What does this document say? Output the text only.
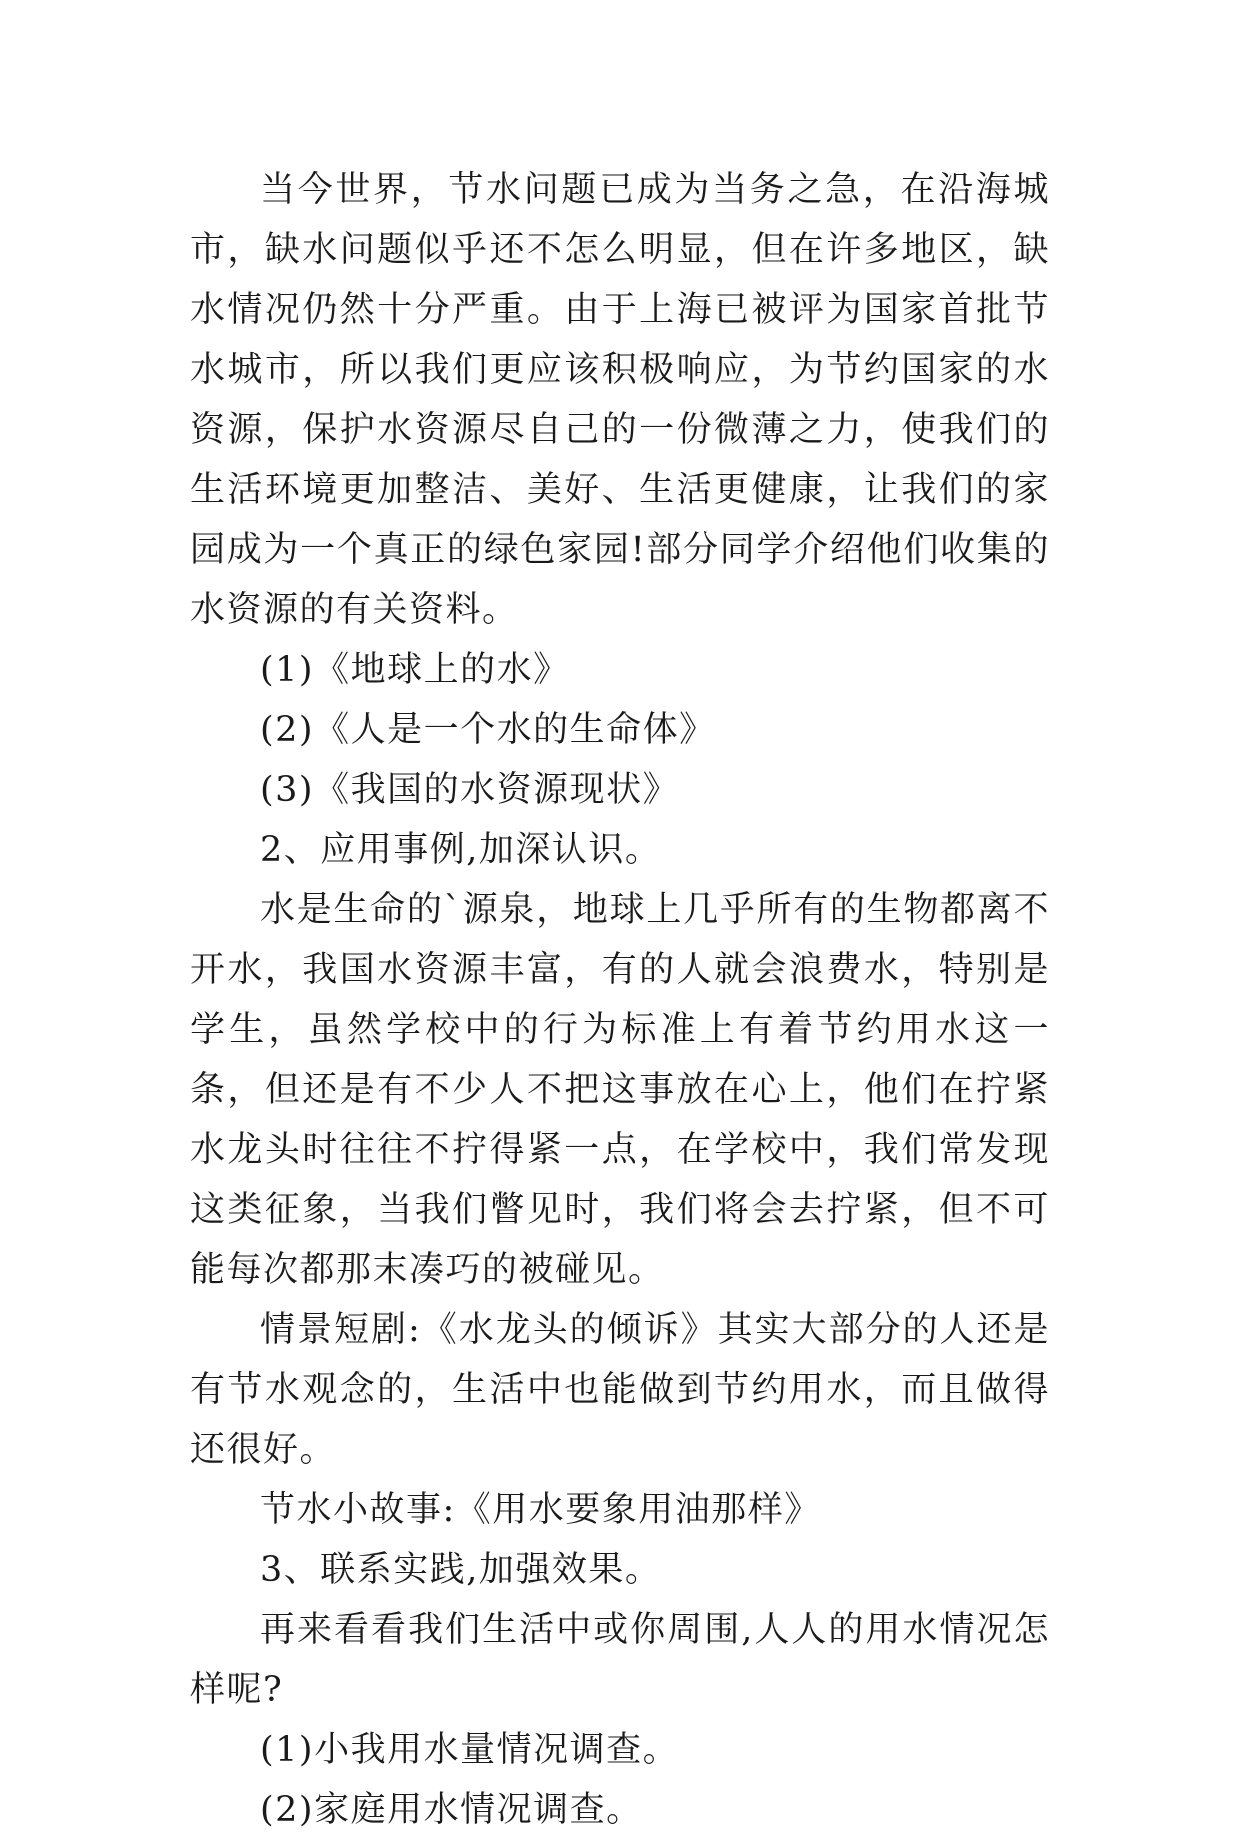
当今世界，节水问题已成为当务之急，在沿海城市，缺水问题似乎还不怎么明显，但在许多地区，缺水情况仍然十分严重。由于上海已被评为国家首批节水城市，所以我们更应该积极响应，为节约国家的水资源，保护水资源尽自己的一份微薄之力，使我们的生活环境更加整洁、美好、生活更健康，让我们的家园成为一个真正的绿色家园!部分同学介绍他们收集的水资源的有关资料。

(1)《地球上的水》

(2)《人是一个水的生命体》

(3)《我国的水资源现状》

2、应用事例,加深认识。

水是生命的`源泉，地球上几乎所有的生物都离不开水，我国水资源丰富，有的人就会浪费水，特别是学生，虽然学校中的行为标准上有着节约用水这一条，但还是有不少人不把这事放在心上，他们在拧紧水龙头时往往不拧得紧一点，在学校中，我们常发现这类征象，当我们瞥见时，我们将会去拧紧，但不可能每次都那末凑巧的被碰见。

情景短剧:《水龙头的倾诉》其实大部分的人还是有节水观念的，生活中也能做到节约用水，而且做得还很好。

节水小故事:《用水要象用油那样》

3、联系实践,加强效果。

再来看看我们生活中或你周围,人人的用水情况怎样呢?

(1)小我用水量情况调查。

(2)家庭用水情况调查。
